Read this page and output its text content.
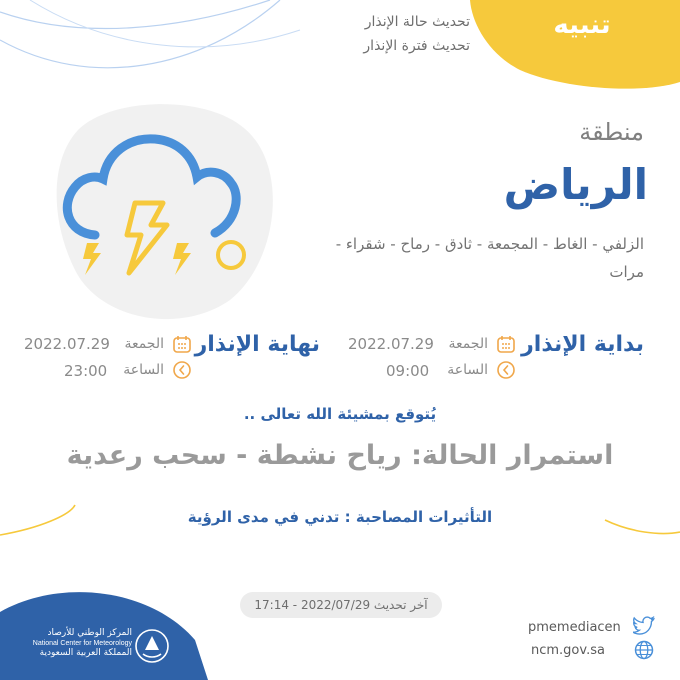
تنبيه
تحديث حالة الإنذار
تحديث فترة الإنذار
منطقة
الرياض
الزلفي - الغاط - المجمعة - ثادق - رماح - شقراء - مرات
بداية الإنذار
الجمعة
2022.07.29
الساعة
09:00
نهاية الإنذار
الجمعة
2022.07.29
الساعة
23:00
يُتوقع بمشيئة الله تعالى ..
استمرار الحالة: رياح نشطة - سحب رعدية
التأثيرات المصاحبة : تدني في مدى الرؤية
آخر تحديث 2022/07/29 - 17:14
pmemediacen
ncm.gov.sa
المركز الوطني للأرصاد
National Center for Meteorology
المملكة العربية السعودية
